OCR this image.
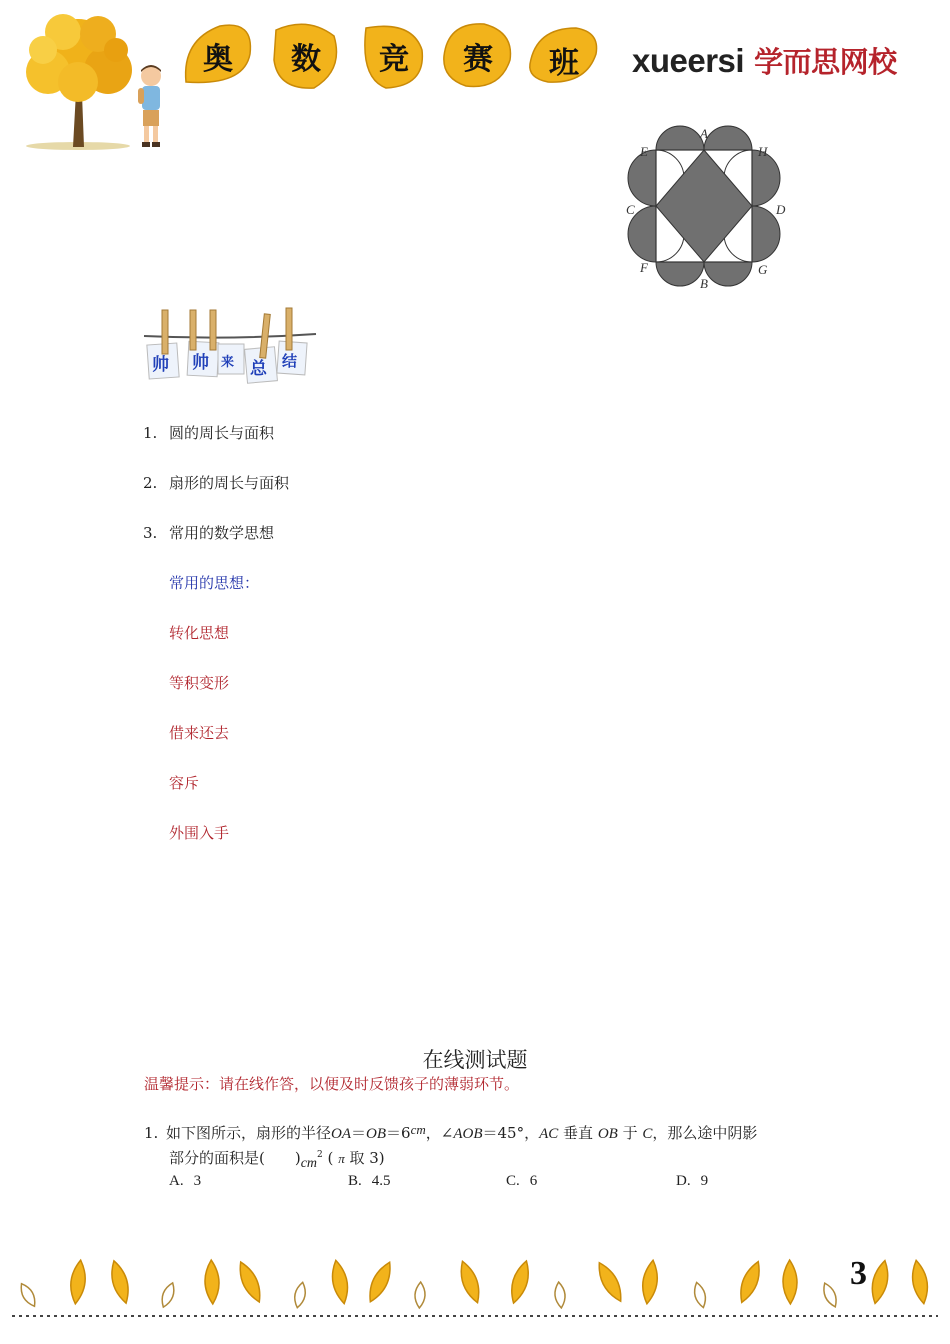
奥	数	竞	赛	班	xueersi 学而思网校
A
B
C	D
E
F	G
H
帅 帅 来 总 结
1. 圆的周长与面积
2. 扇形的周长与面积
3. 常用的数学思想
常用的思想：
转化思想
等积变形
借来还去
容斥
外围入手
在线测试题
温馨提示：请在线作答，以便及时反馈孩子的薄弱环节。
1. 如下图所示，扇形的半径OA＝OB＝6cm，∠AOB＝45°，AC 垂直 OB 于 C，那么途中阴影
部分的面积是(　　)$cm^2$ ( π 取 3)
A. 3	B. 4.5	C. 6	D. 9
3
